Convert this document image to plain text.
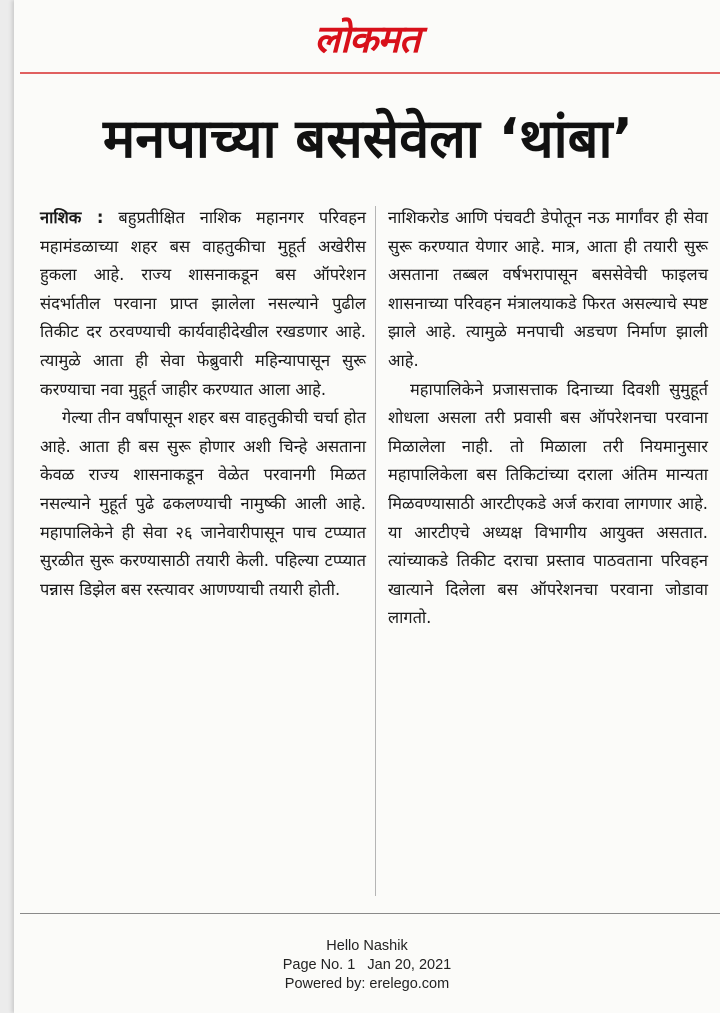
लोकमत
मनपाच्या बससेवेला ‘थांबा’

नाशिक : बहुप्रतीक्षित नाशिक महानगर परिवहन महामंडळाच्या शहर बस वाहतुकीचा मुहूर्त अखेरीस हुकला आहे. राज्य शासनाकडून बस ऑपरेशन संदर्भातील परवाना प्राप्त झालेला नसल्याने पुढील तिकीट दर ठरवण्याची कार्यवाहीदेखील रखडणार आहे. त्यामुळे आता ही सेवा फेब्रुवारी महिन्यापासून सुरू करण्याचा नवा मुहूर्त जाहीर करण्यात आला आहे.

गेल्या तीन वर्षांपासून शहर बस वाहतुकीची चर्चा होत आहे. आता ही बस सुरू होणार अशी चिन्हे असताना केवळ राज्य शासनाकडून वेळेत परवानगी मिळत नसल्याने मुहूर्त पुढे ढकलण्याची नामुष्की आली आहे. महापालिकेने ही सेवा २६ जानेवारीपासून पाच टप्प्यात सुरळीत सुरू करण्यासाठी तयारी केली. पहिल्या टप्प्यात पन्नास डिझेल बस रस्त्यावर आणण्याची तयारी होती.

नाशिकरोड आणि पंचवटी डेपोतून नऊ मार्गांवर ही सेवा सुरू करण्यात येणार आहे. मात्र, आता ही तयारी सुरू असताना तब्बल वर्षभरापासून बससेवेची फाइलच शासनाच्या परिवहन मंत्रालयाकडे फिरत असल्याचे स्पष्ट झाले आहे. त्यामुळे मनपाची अडचण निर्माण झाली आहे.

महापालिकेने प्रजासत्ताक दिनाच्या दिवशी सुमुहूर्त शोधला असला तरी प्रवासी बस ऑपरेशनचा परवाना मिळालेला नाही. तो मिळाला तरी नियमानुसार महापालिकेला बस तिकिटांच्या दराला अंतिम मान्यता मिळवण्यासाठी आरटीएकडे अर्ज करावा लागणार आहे. या आरटीएचे अध्यक्ष विभागीय आयुक्त असतात. त्यांच्याकडे तिकीट दराचा प्रस्ताव पाठवताना परिवहन खात्याने दिलेला बस ऑपरेशनचा परवाना जोडावा लागतो.

Hello Nashik
Page No. 1   Jan 20, 2021
Powered by: erelego.com
